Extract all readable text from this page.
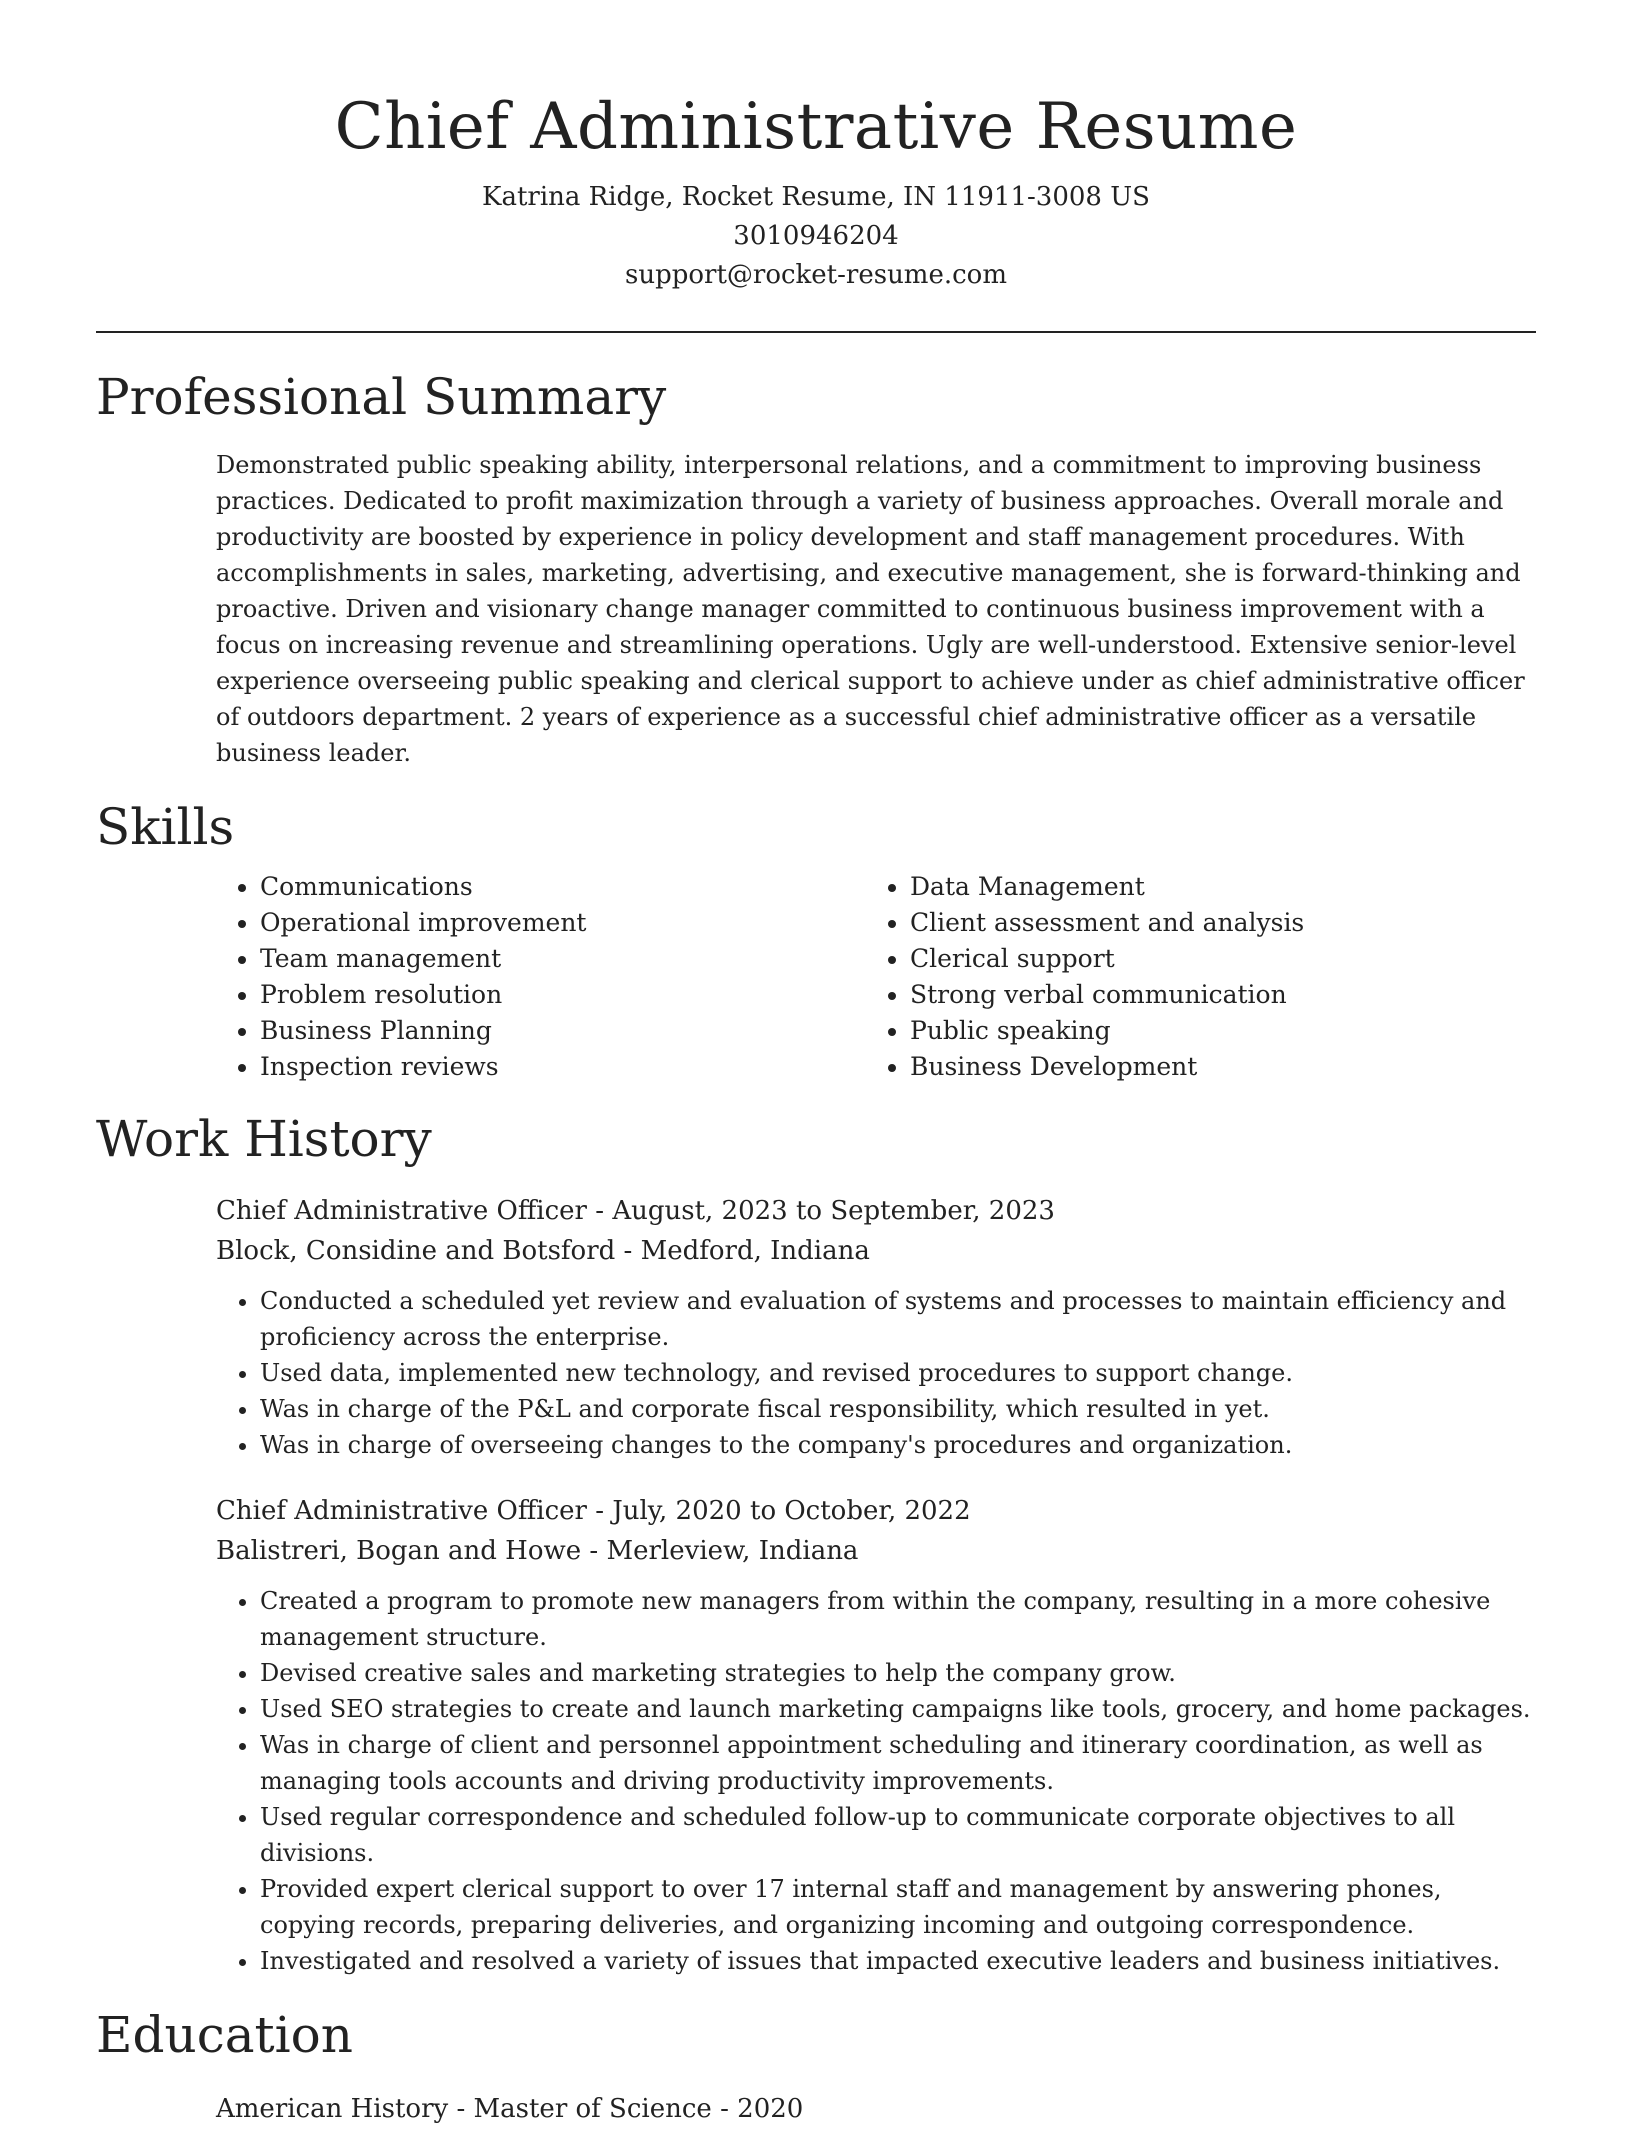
Chief Administrative Resume

Katrina Ridge, Rocket Resume, IN 11911-3008 US

3010946204

support@rocket-resume.com

Professional Summary

Demonstrated public speaking ability, interpersonal relations, and a commitment to improving business practices. Dedicated to profit maximization through a variety of business approaches. Overall morale and productivity are boosted by experience in policy development and staff management procedures. With accomplishments in sales, marketing, advertising, and executive management, she is forward-thinking and proactive. Driven and visionary change manager committed to continuous business improvement with a focus on increasing revenue and streamlining operations. Ugly are well-understood. Extensive senior-level experience overseeing public speaking and clerical support to achieve under as chief administrative officer of outdoors department. 2 years of experience as a successful chief administrative officer as a versatile business leader.

Skills
• Communications
• Operational improvement
• Team management
• Problem resolution
• Business Planning
• Inspection reviews
• Data Management
• Client assessment and analysis
• Clerical support
• Strong verbal communication
• Public speaking
• Business Development
Work History

Chief Administrative Officer - August, 2023 to September, 2023

Block, Considine and Botsford - Medford, Indiana

• Conducted a scheduled yet review and evaluation of systems and processes to maintain efficiency and proficiency across the enterprise.
• Used data, implemented new technology, and revised procedures to support change.
• Was in charge of the P&L and corporate fiscal responsibility, which resulted in yet.
• Was in charge of overseeing changes to the company's procedures and organization.

Chief Administrative Officer - July, 2020 to October, 2022

Balistreri, Bogan and Howe - Merleview, Indiana

• Created a program to promote new managers from within the company, resulting in a more cohesive management structure.
• Devised creative sales and marketing strategies to help the company grow.
• Used SEO strategies to create and launch marketing campaigns like tools, grocery, and home packages.
• Was in charge of client and personnel appointment scheduling and itinerary coordination, as well as managing tools accounts and driving productivity improvements.
• Used regular correspondence and scheduled follow-up to communicate corporate objectives to all divisions.
• Provided expert clerical support to over 17 internal staff and management by answering phones, copying records, preparing deliveries, and organizing incoming and outgoing correspondence.
• Investigated and resolved a variety of issues that impacted executive leaders and business initiatives.
Education

American History - Master of Science - 2020
